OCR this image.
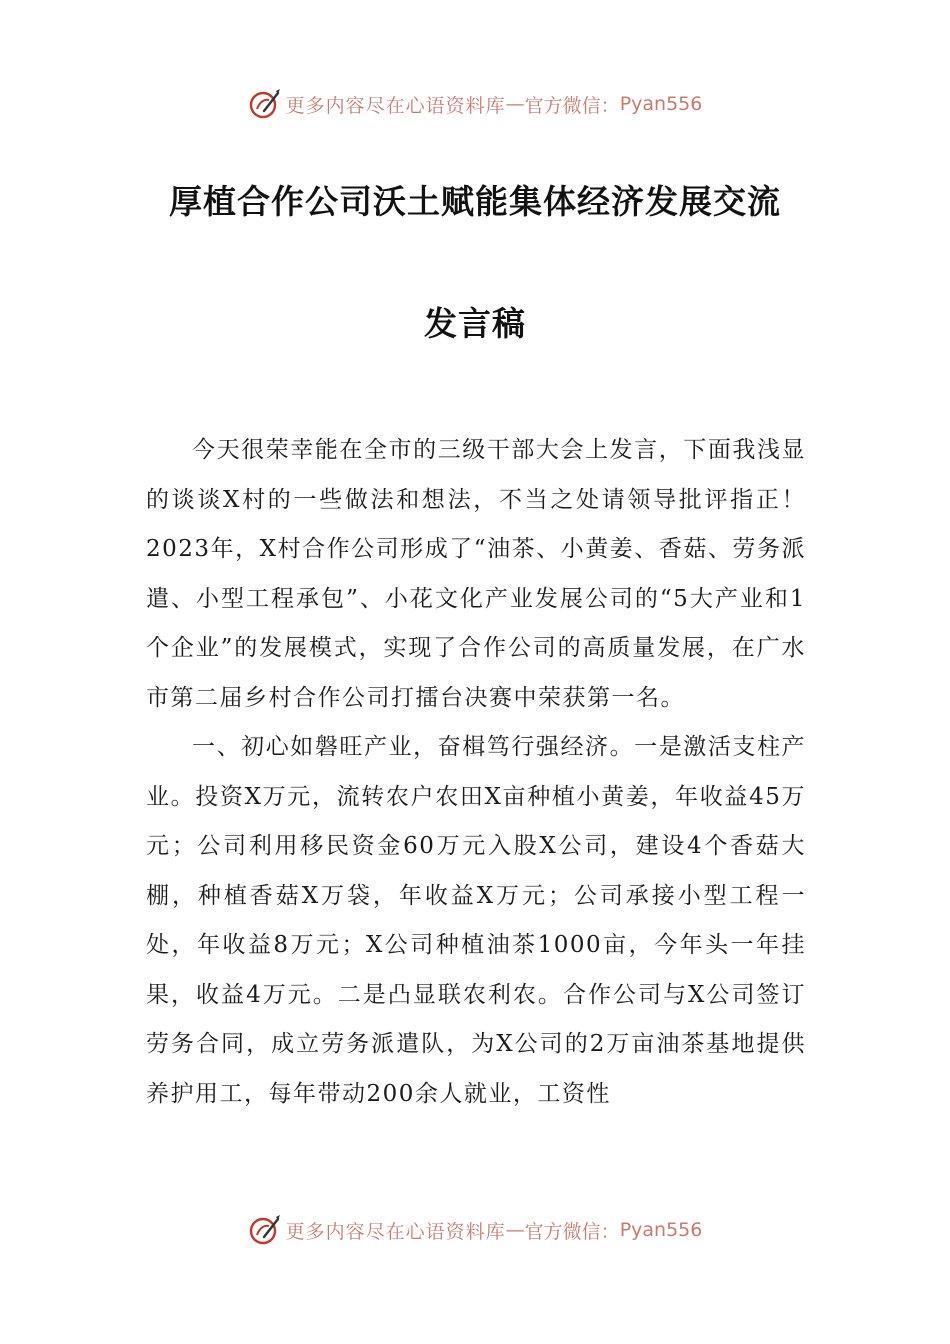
更多内容尽在心语资料库 — 官方微信： Pyan556
厚植合作公司沃土赋能集体经济发展交流
发言稿

今天很荣幸能在全市的三级干部大会上发言，下面我浅显的谈谈X村的一些做法和想法，不当之处请领导批评指正！2023年，X村合作公司形成了“油茶、小黄姜、香菇、劳务派遣、小型工程承包”、小花文化产业发展公司的“5大产业和1个企业”的发展模式，实现了合作公司的高质量发展，在广水市第二届乡村合作公司打擂台决赛中荣获第一名。

一、初心如磐旺产业，奋楫笃行强经济。一是激活支柱产业。投资X万元，流转农户农田X亩种植小黄姜，年收益45万元；公司利用移民资金60万元入股X公司，建设4个香菇大棚，种植香菇X万袋，年收益X万元；公司承接小型工程一处，年收益8万元；X公司种植油茶1000亩，今年头一年挂果，收益4万元。二是凸显联农利农。合作公司与X公司签订劳务合同，成立劳务派遣队，为X公司的2万亩油茶基地提供养护用工，每年带动200余人就业，工资性

更多内容尽在心语资料库 — 官方微信： Pyan556
